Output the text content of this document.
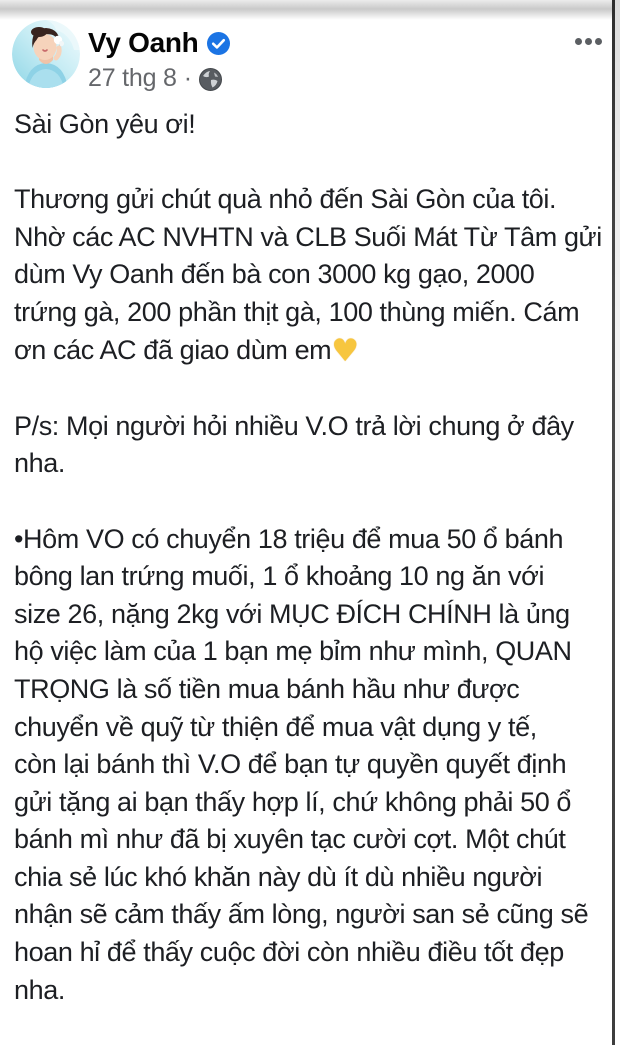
Vy Oanh
27 thg 8 ·
Sài Gòn yêu ơi!
Thương gửi chút quà nhỏ đến Sài Gòn của tôi.
Nhờ các AC NVHTN và CLB Suối Mát Từ Tâm gửi
dùm Vy Oanh đến bà con 3000 kg gạo, 2000
trứng gà, 200 phần thịt gà, 100 thùng miến. Cám
ơn các AC đã giao dùm em♥
P/s: Mọi người hỏi nhiều V.O trả lời chung ở đây
nha.
•Hôm VO có chuyển 18 triệu để mua 50 ổ bánh
bông lan trứng muối, 1 ổ khoảng 10 ng ăn với
size 26, nặng 2kg với MỤC ĐÍCH CHÍNH là ủng
hộ việc làm của 1 bạn mẹ bỉm như mình, QUAN
TRỌNG là số tiền mua bánh hầu như được
chuyển về quỹ từ thiện để mua vật dụng y tế,
còn lại bánh thì V.O để bạn tự quyền quyết định
gửi tặng ai bạn thấy hợp lí, chứ không phải 50 ổ
bánh mì như đã bị xuyên tạc cười cợt. Một chút
chia sẻ lúc khó khăn này dù ít dù nhiều người
nhận sẽ cảm thấy ấm lòng, người san sẻ cũng sẽ
hoan hỉ để thấy cuộc đời còn nhiều điều tốt đẹp
nha.
